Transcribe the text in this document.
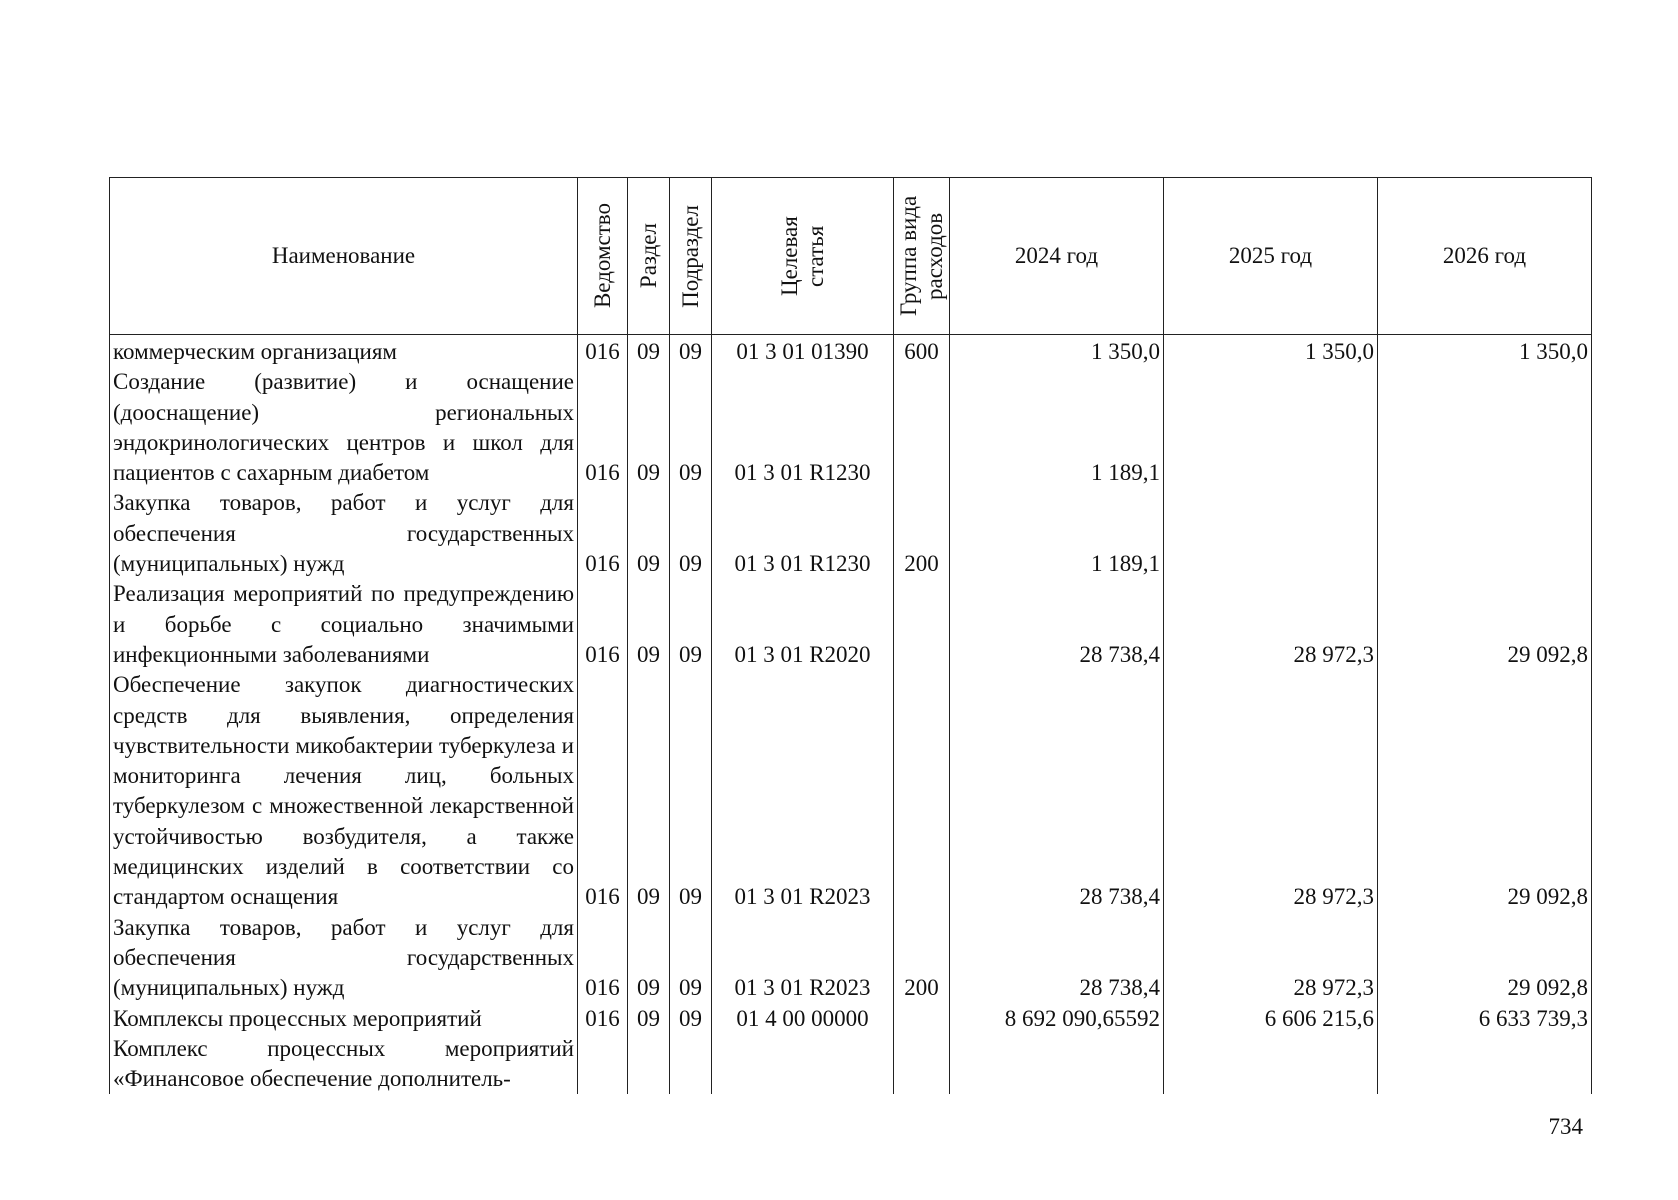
Наименование	Ведомство	Раздел	Подраздел	Целевая статья	Группа вида расходов	2024 год	2025 год	2026 год
коммерческим организациям	016	09	09	01 3 01 01390	600	1 350,0	1 350,0	1 350,0
Создание (развитие) и оснащение (дооснащение) региональных эндокринологических центров и школ для пациентов с сахарным диабетом	016	09	09	01 3 01 R1230		1 189,1		
Закупка товаров, работ и услуг для обеспечения государственных (муниципальных) нужд	016	09	09	01 3 01 R1230	200	1 189,1		
Реализация мероприятий по предупреждению и борьбе с социально значимыми инфекционными заболеваниями	016	09	09	01 3 01 R2020		28 738,4	28 972,3	29 092,8
Обеспечение закупок диагностических средств для выявления, определения чувствительности микобактерии туберкулеза и мониторинга лечения лиц, больных туберкулезом с множественной лекарственной устойчивостью возбудителя, а также медицинских изделий в соответствии со стандартом оснащения	016	09	09	01 3 01 R2023		28 738,4	28 972,3	29 092,8
Закупка товаров, работ и услуг для обеспечения государственных (муниципальных) нужд	016	09	09	01 3 01 R2023	200	28 738,4	28 972,3	29 092,8
Комплексы процессных мероприятий	016	09	09	01 4 00 00000		8 692 090,65592	6 606 215,6	6 633 739,3
Комплекс процессных мероприятий «Финансовое обеспечение дополнитель-								
734
